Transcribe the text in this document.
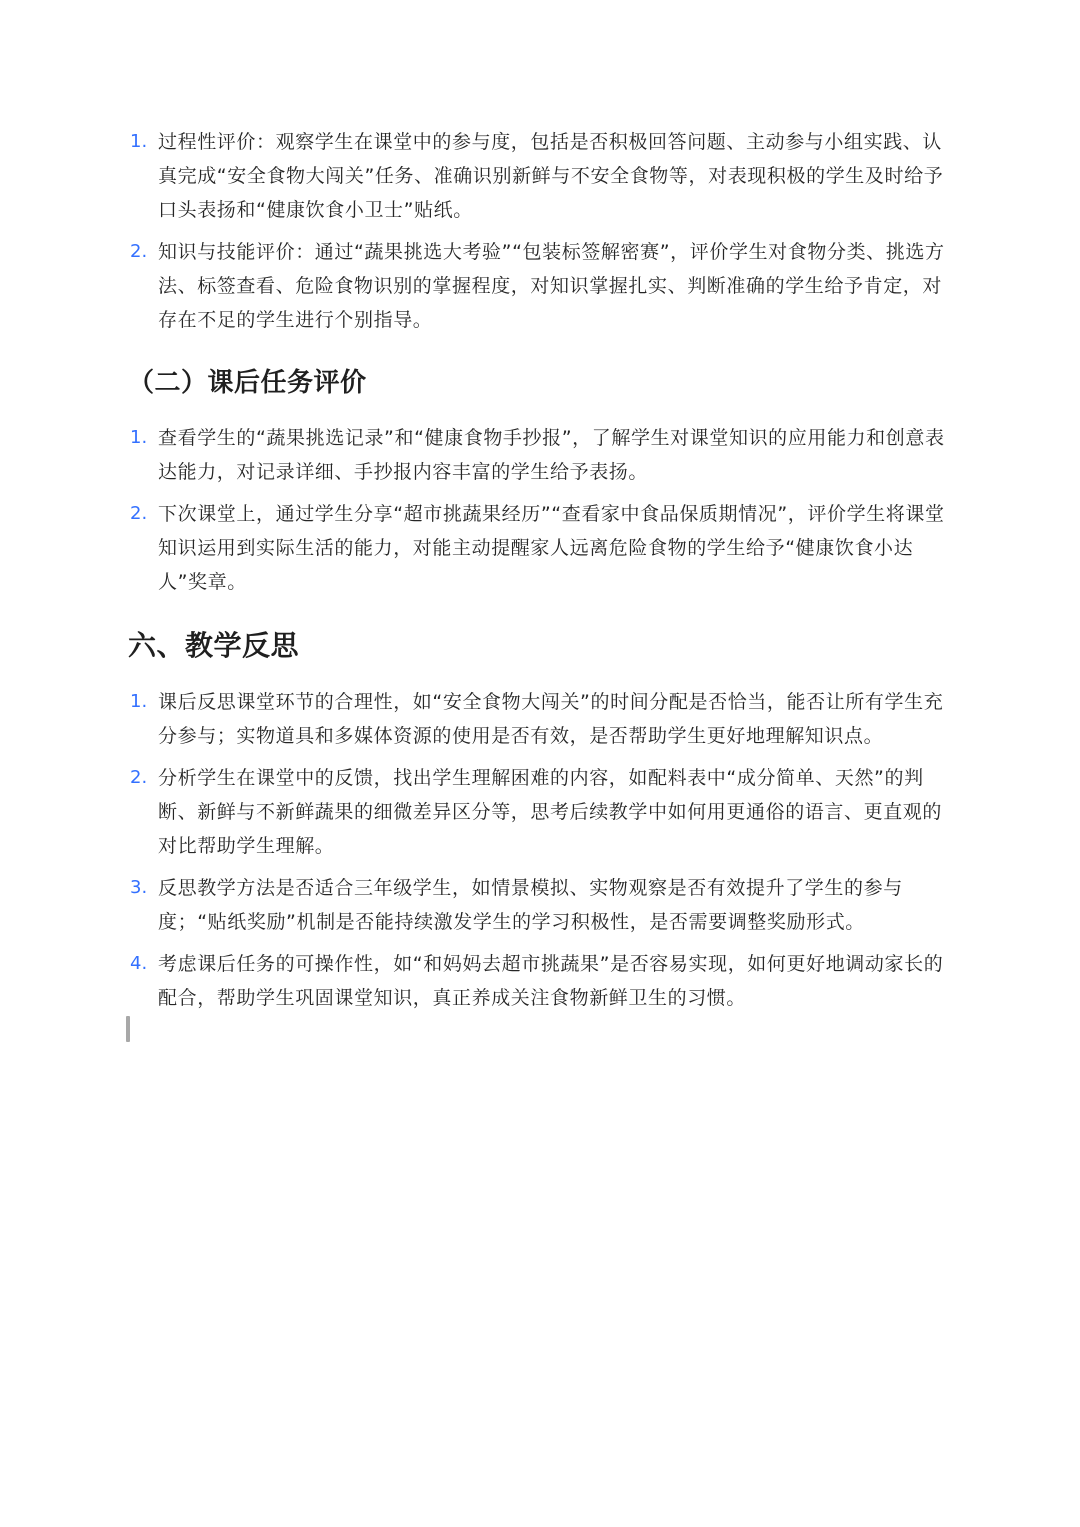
1. 过程性评价：观察学生在课堂中的参与度，包括是否积极回答问题、主动参与小组实践、认真完成“安全食物大闯关”任务、准确识别新鲜与不安全食物等，对表现积极的学生及时给予口头表扬和“健康饮食小卫士”贴纸。
2. 知识与技能评价：通过“蔬果挑选大考验”“包装标签解密赛”，评价学生对食物分类、挑选方法、标签查看、危险食物识别的掌握程度，对知识掌握扎实、判断准确的学生给予肯定，对存在不足的学生进行个别指导。
（二）课后任务评价
1. 查看学生的“蔬果挑选记录”和“健康食物手抄报”，了解学生对课堂知识的应用能力和创意表达能力，对记录详细、手抄报内容丰富的学生给予表扬。
2. 下次课堂上，通过学生分享“超市挑蔬果经历”“查看家中食品保质期情况”，评价学生将课堂知识运用到实际生活的能力，对能主动提醒家人远离危险食物的学生给予“健康饮食小达人”奖章。
六、教学反思
1. 课后反思课堂环节的合理性，如“安全食物大闯关”的时间分配是否恰当，能否让所有学生充分参与；实物道具和多媒体资源的使用是否有效，是否帮助学生更好地理解知识点。
2. 分析学生在课堂中的反馈，找出学生理解困难的内容，如配料表中“成分简单、天然”的判断、新鲜与不新鲜蔬果的细微差异区分等，思考后续教学中如何用更通俗的语言、更直观的对比帮助学生理解。
3. 反思教学方法是否适合三年级学生，如情景模拟、实物观察是否有效提升了学生的参与度；“贴纸奖励”机制是否能持续激发学生的学习积极性，是否需要调整奖励形式。
4. 考虑课后任务的可操作性，如“和妈妈去超市挑蔬果”是否容易实现，如何更好地调动家长的配合，帮助学生巩固课堂知识，真正养成关注食物新鲜卫生的习惯。
